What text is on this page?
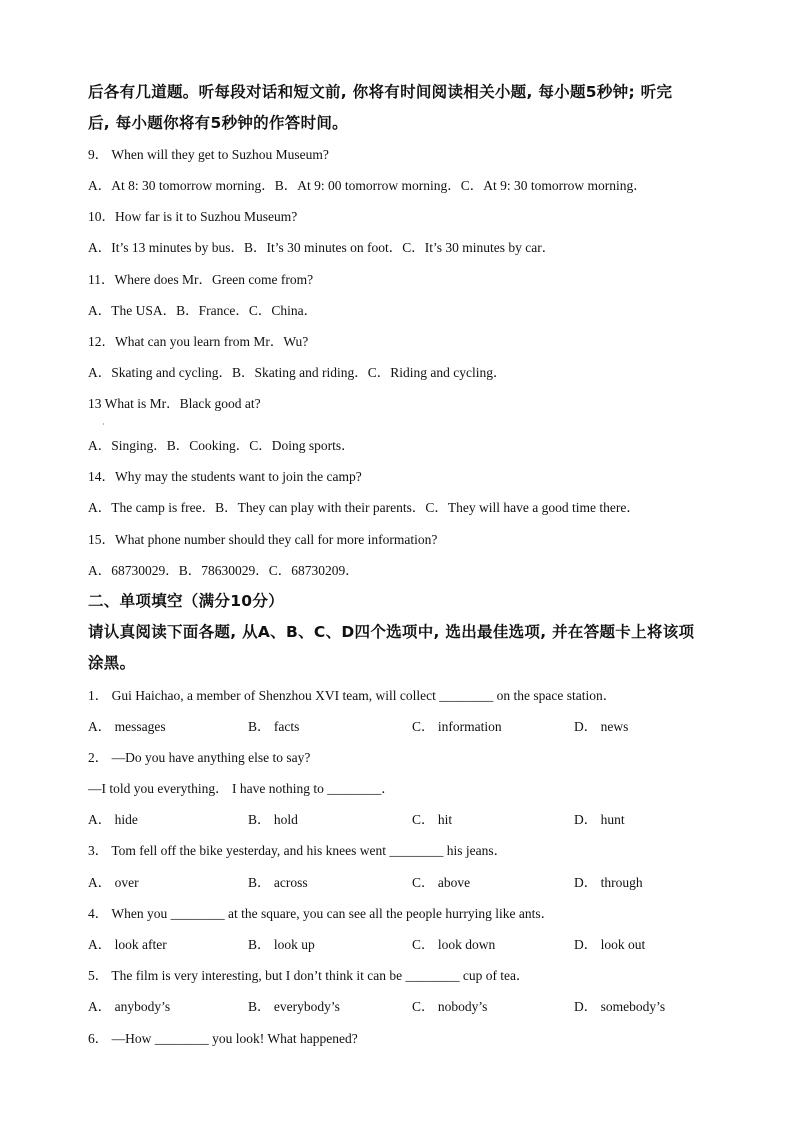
后各有几道题。听每段对话和短文前, 你将有时间阅读相关小题, 每小题5秒钟; 听完
后, 每小题你将有5秒钟的作答时间。
9． When will they get to Suzhou Museum?
A．At 8: 30 tomorrow morning．B．At 9: 00 tomorrow morning．C．At 9: 30 tomorrow morning．
10．How far is it to Suzhou Museum?
A．It’s 13 minutes by bus．B．It’s 30 minutes on foot．C．It’s 30 minutes by car．
11．Where does Mr．Green come from?
A．The USA．B．France．C．China．
12．What can you learn from Mr．Wu?
A．Skating and cycling．B．Skating and riding．C．Riding and cycling．
13 What is Mr．Black good at?
·
A．Singing．B．Cooking．C．Doing sports．
14．Why may the students want to join the camp?
A．The camp is free．B．They can play with their parents．C．They will have a good time there．
15．What phone number should they call for more information?
A．68730029．B．78630029．C．68730209．
二、单项填空（满分10分）
请认真阅读下面各题, 从A、B、C、D四个选项中, 选出最佳选项, 并在答题卡上将该项
涂黑。
1． Gui Haichao, a member of Shenzhou XVI team, will collect ________ on the space station．
A． messages	B． facts	C． information	D． news
2． —Do you have anything else to say?
—I told you everything． I have nothing to ________．
A． hide	B． hold	C． hit	D． hunt
3． Tom fell off the bike yesterday, and his knees went ________ his jeans．
A． over	B． across	C． above	D． through
4． When you ________ at the square, you can see all the people hurrying like ants．
A． look after	B． look up	C． look down	D． look out
5． The film is very interesting, but I don’t think it can be ________ cup of tea．
A． anybody’s	B． everybody’s	C． nobody’s	D． somebody’s
6． —How ________ you look! What happened?
